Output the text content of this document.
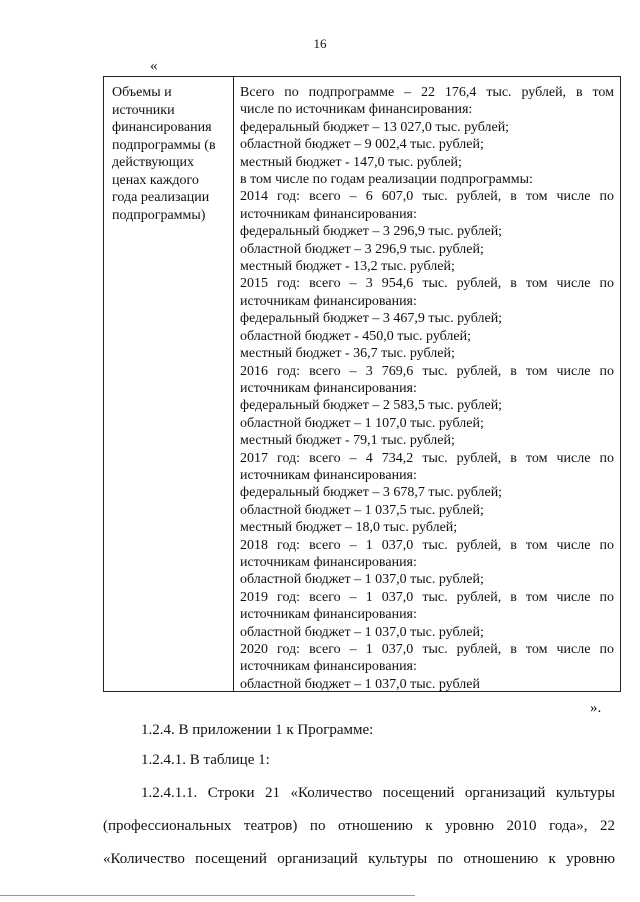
16
«
Объемы и
источники
финансирования
подпрограммы (в
действующих
ценах каждого
года реализации
подпрограммы)
Всего по подпрограмме – 22 176,4 тыс. рублей, в том
числе по источникам финансирования:
федеральный бюджет – 13 027,0 тыс. рублей;
областной бюджет – 9 002,4 тыс. рублей;
местный бюджет - 147,0 тыс. рублей;
в том числе по годам реализации подпрограммы:
2014 год: всего – 6 607,0 тыс. рублей, в том числе по
источникам финансирования:
федеральный бюджет – 3 296,9 тыс. рублей;
областной бюджет – 3 296,9 тыс. рублей;
местный бюджет - 13,2 тыс. рублей;
2015 год: всего – 3 954,6 тыс. рублей, в том числе по
источникам финансирования:
федеральный бюджет – 3 467,9 тыс. рублей;
областной бюджет - 450,0 тыс. рублей;
местный бюджет - 36,7 тыс. рублей;
2016 год: всего – 3 769,6 тыс. рублей, в том числе по
источникам финансирования:
федеральный бюджет – 2 583,5 тыс. рублей;
областной бюджет – 1 107,0 тыс. рублей;
местный бюджет - 79,1 тыс. рублей;
2017 год: всего – 4 734,2 тыс. рублей, в том числе по
источникам финансирования:
федеральный бюджет – 3 678,7 тыс. рублей;
областной бюджет – 1 037,5 тыс. рублей;
местный бюджет – 18,0 тыс. рублей;
2018 год: всего – 1 037,0 тыс. рублей, в том числе по
источникам финансирования:
областной бюджет – 1 037,0 тыс. рублей;
2019 год: всего – 1 037,0 тыс. рублей, в том числе по
источникам финансирования:
областной бюджет – 1 037,0 тыс. рублей;
2020 год: всего – 1 037,0 тыс. рублей, в том числе по
источникам финансирования:
областной бюджет – 1 037,0 тыс. рублей
».
1.2.4. В приложении 1 к Программе:
1.2.4.1. В таблице 1:
1.2.4.1.1. Строки 21 «Количество посещений организаций культуры
(профессиональных театров) по отношению к уровню 2010 года», 22
«Количество посещений организаций культуры по отношению к уровню
